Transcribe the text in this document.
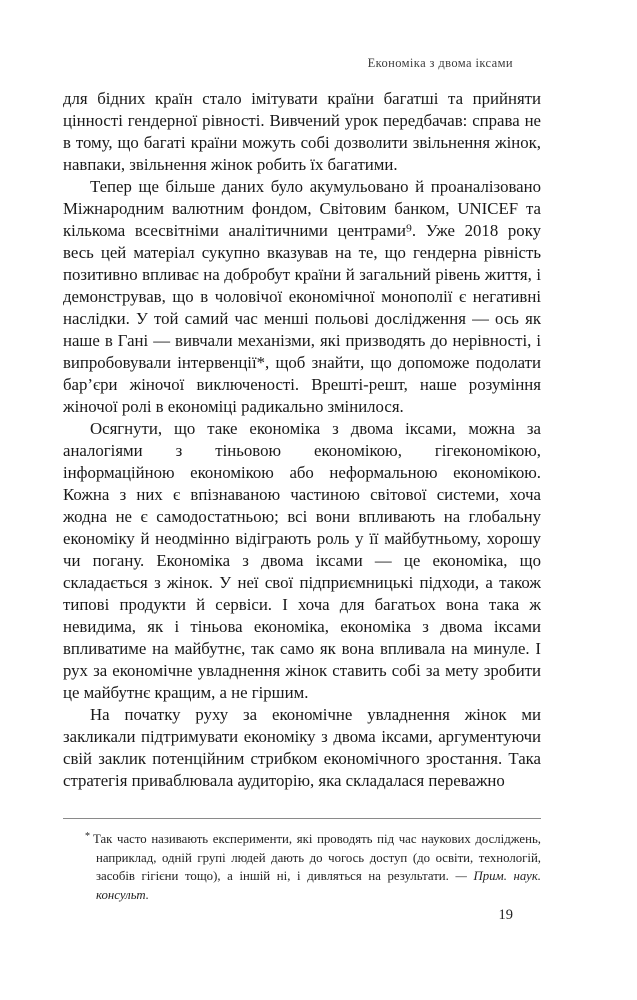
Економіка з двома іксами

для бідних країн стало імітувати країни багатші та прийняти цінності гендерної рівності. Вивчений урок передбачав: справа не в тому, що багаті країни можуть собі дозволити звільнення жінок, навпаки, звільнення жінок робить їх багатими.

Тепер ще більше даних було акумульовано й проаналізовано Міжнародним валютним фондом, Світовим банком, UNICEF та кількома всесвітніми аналітичними центрами⁹. Уже 2018 року весь цей матеріал сукупно вказував на те, що гендерна рівність позитивно впливає на добробут країни й загальний рівень життя, і демонстрував, що в чоловічої економічної монополії є негативні наслідки. У той самий час менші польові дослідження — ось як наше в Гані — вивчали механізми, які призводять до нерівності, і випробовували інтервенції*, щоб знайти, що допоможе подолати бар’єри жіночої виключеності. Врешті-решт, наше розуміння жіночої ролі в економіці радикально змінилося.

Осягнути, що таке економіка з двома іксами, можна за аналогіями з тіньовою економікою, гігекономікою, інформаційною економікою або неформальною економікою. Кожна з них є впізнаваною частиною світової системи, хоча жодна не є самодостатньою; всі вони впливають на глобальну економіку й неодмінно відіграють роль у її майбутньому, хорошу чи погану. Економіка з двома іксами — це економіка, що складається з жінок. У неї свої підприємницькі підходи, а також типові продукти й сервіси. І хоча для багатьох вона така ж невидима, як і тіньова економіка, економіка з двома іксами впливатиме на майбутнє, так само як вона впливала на минуле. І рух за економічне увладнення жінок ставить собі за мету зробити це майбутнє кращим, а не гіршим.

На початку руху за економічне увладнення жінок ми закликали підтримувати економіку з двома іксами, аргументуючи свій заклик потенційним стрибком економічного зростання. Така стратегія приваблювала аудиторію, яка складалася переважно

* Так часто називають експерименти, які проводять під час наукових досліджень, наприклад, одній групі людей дають до чогось доступ (до освіти, технологій, засобів гігієни тощо), а іншій ні, і дивляться на результати. — Прим. наук. консульт.

19
